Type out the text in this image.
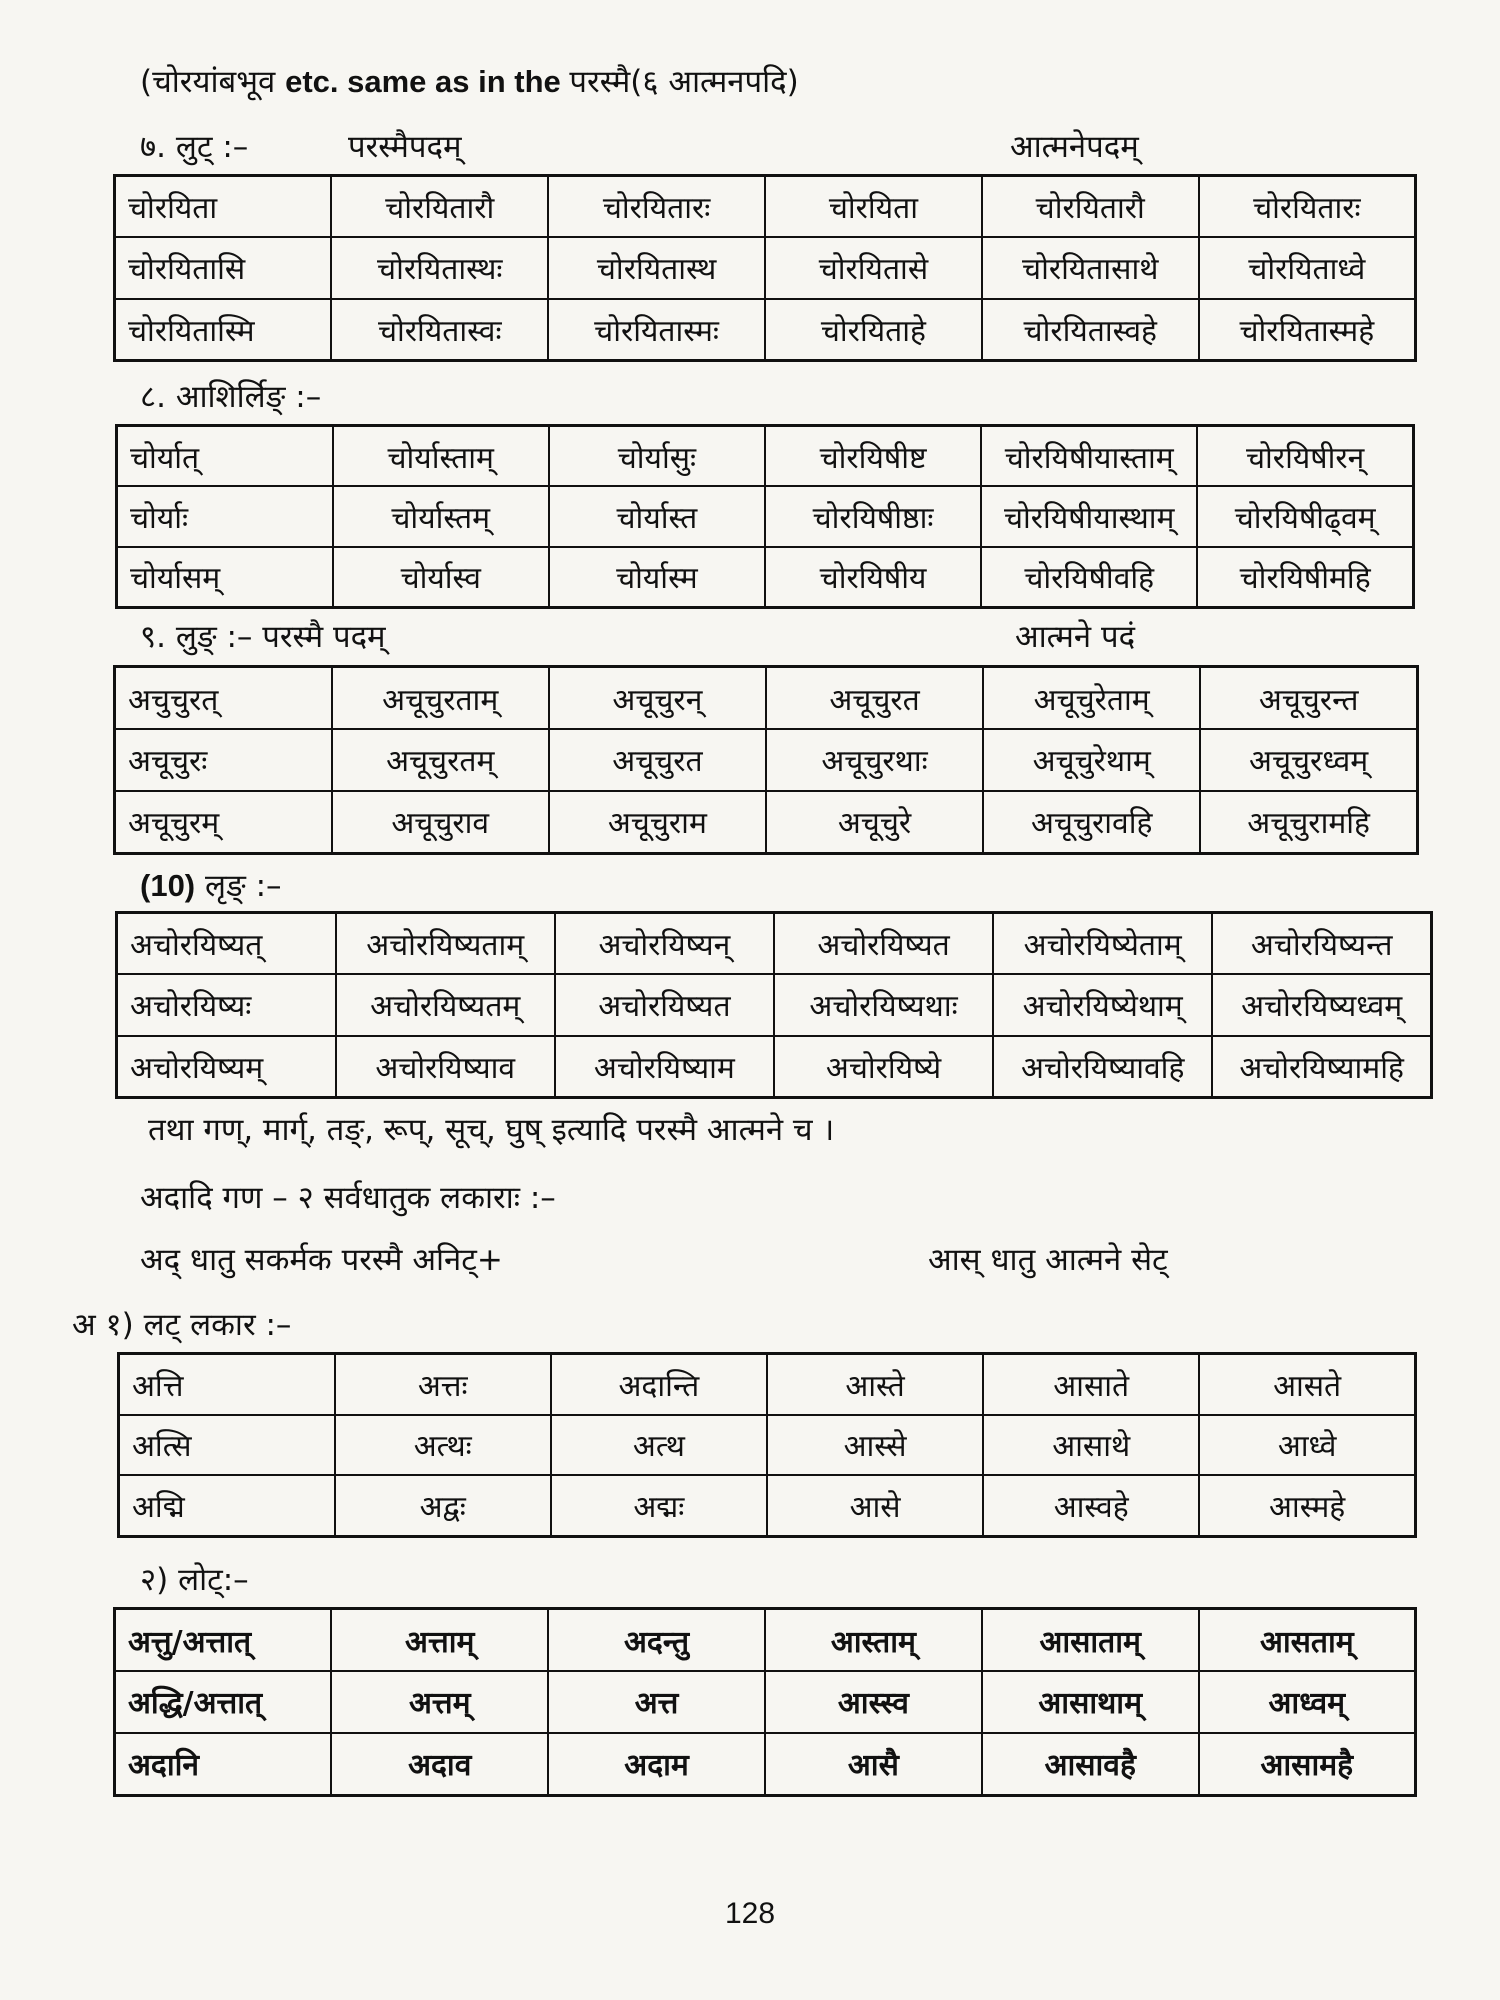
(चोरयांबभूव etc. same as in the परस्मै(६ आत्मनपदि)
७. लुट् :–	परस्मैपदम्	आत्मनेपदम्
चोरयिता	चोरयितारौ	चोरयितारः	चोरयिता	चोरयितारौ	चोरयितारः
चोरयितासि	चोरयितास्थः	चोरयितास्थ	चोरयितासे	चोरयितासाथे	चोरयिताध्वे
चोरयितास्मि	चोरयितास्वः	चोरयितास्मः	चोरयिताहे	चोरयितास्वहे	चोरयितास्महे
८. आशिर्लिङ् :–
चोर्यात्	चोर्यास्ताम्	चोर्यासुः	चोरयिषीष्ट	चोरयिषीयास्ताम्	चोरयिषीरन्
चोर्याः	चोर्यास्तम्	चोर्यास्त	चोरयिषीष्ठाः	चोरयिषीयास्थाम्	चोरयिषीढ्वम्
चोर्यासम्	चोर्यास्व	चोर्यास्म	चोरयिषीय	चोरयिषीवहि	चोरयिषीमहि
९. लुङ् :– परस्मै पदम्	आत्मने पदं
अचुचुरत्	अचूचुरताम्	अचूचुरन्	अचूचुरत	अचूचुरेताम्	अचूचुरन्त
अचूचुरः	अचूचुरतम्	अचूचुरत	अचूचुरथाः	अचूचुरेथाम्	अचूचुरध्वम्
अचूचुरम्	अचूचुराव	अचूचुराम	अचूचुरे	अचूचुरावहि	अचूचुरामहि
(10) लृङ् :–
अचोरयिष्यत्	अचोरयिष्यताम्	अचोरयिष्यन्	अचोरयिष्यत	अचोरयिष्येताम्	अचोरयिष्यन्त
अचोरयिष्यः	अचोरयिष्यतम्	अचोरयिष्यत	अचोरयिष्यथाः	अचोरयिष्येथाम्	अचोरयिष्यध्वम्
अचोरयिष्यम्	अचोरयिष्याव	अचोरयिष्याम	अचोरयिष्ये	अचोरयिष्यावहि	अचोरयिष्यामहि
तथा गण्, मार्ग्, तङ्, रूप्, सूच्, घुष् इत्यादि परस्मै आत्मने च ।
अदादि गण – २ सर्वधातुक लकाराः :–
अद् धातु सकर्मक परस्मै अनिट्+	आस् धातु आत्मने सेट्
अ १) लट् लकार :–
अत्ति	अत्तः	अदान्ति	आस्ते	आसाते	आसते
अत्सि	अत्थः	अत्थ	आस्से	आसाथे	आध्वे
अद्मि	अद्वः	अद्मः	आसे	आस्वहे	आस्महे
२) लोट्:–
अत्तु/अत्तात्	अत्ताम्	अदन्तु	आस्ताम्	आसाताम्	आसताम्
अद्धि/अत्तात्	अत्तम्	अत्त	आस्स्व	आसाथाम्	आध्वम्
अदानि	अदाव	अदाम	आसै	आसावहै	आसामहै
128
